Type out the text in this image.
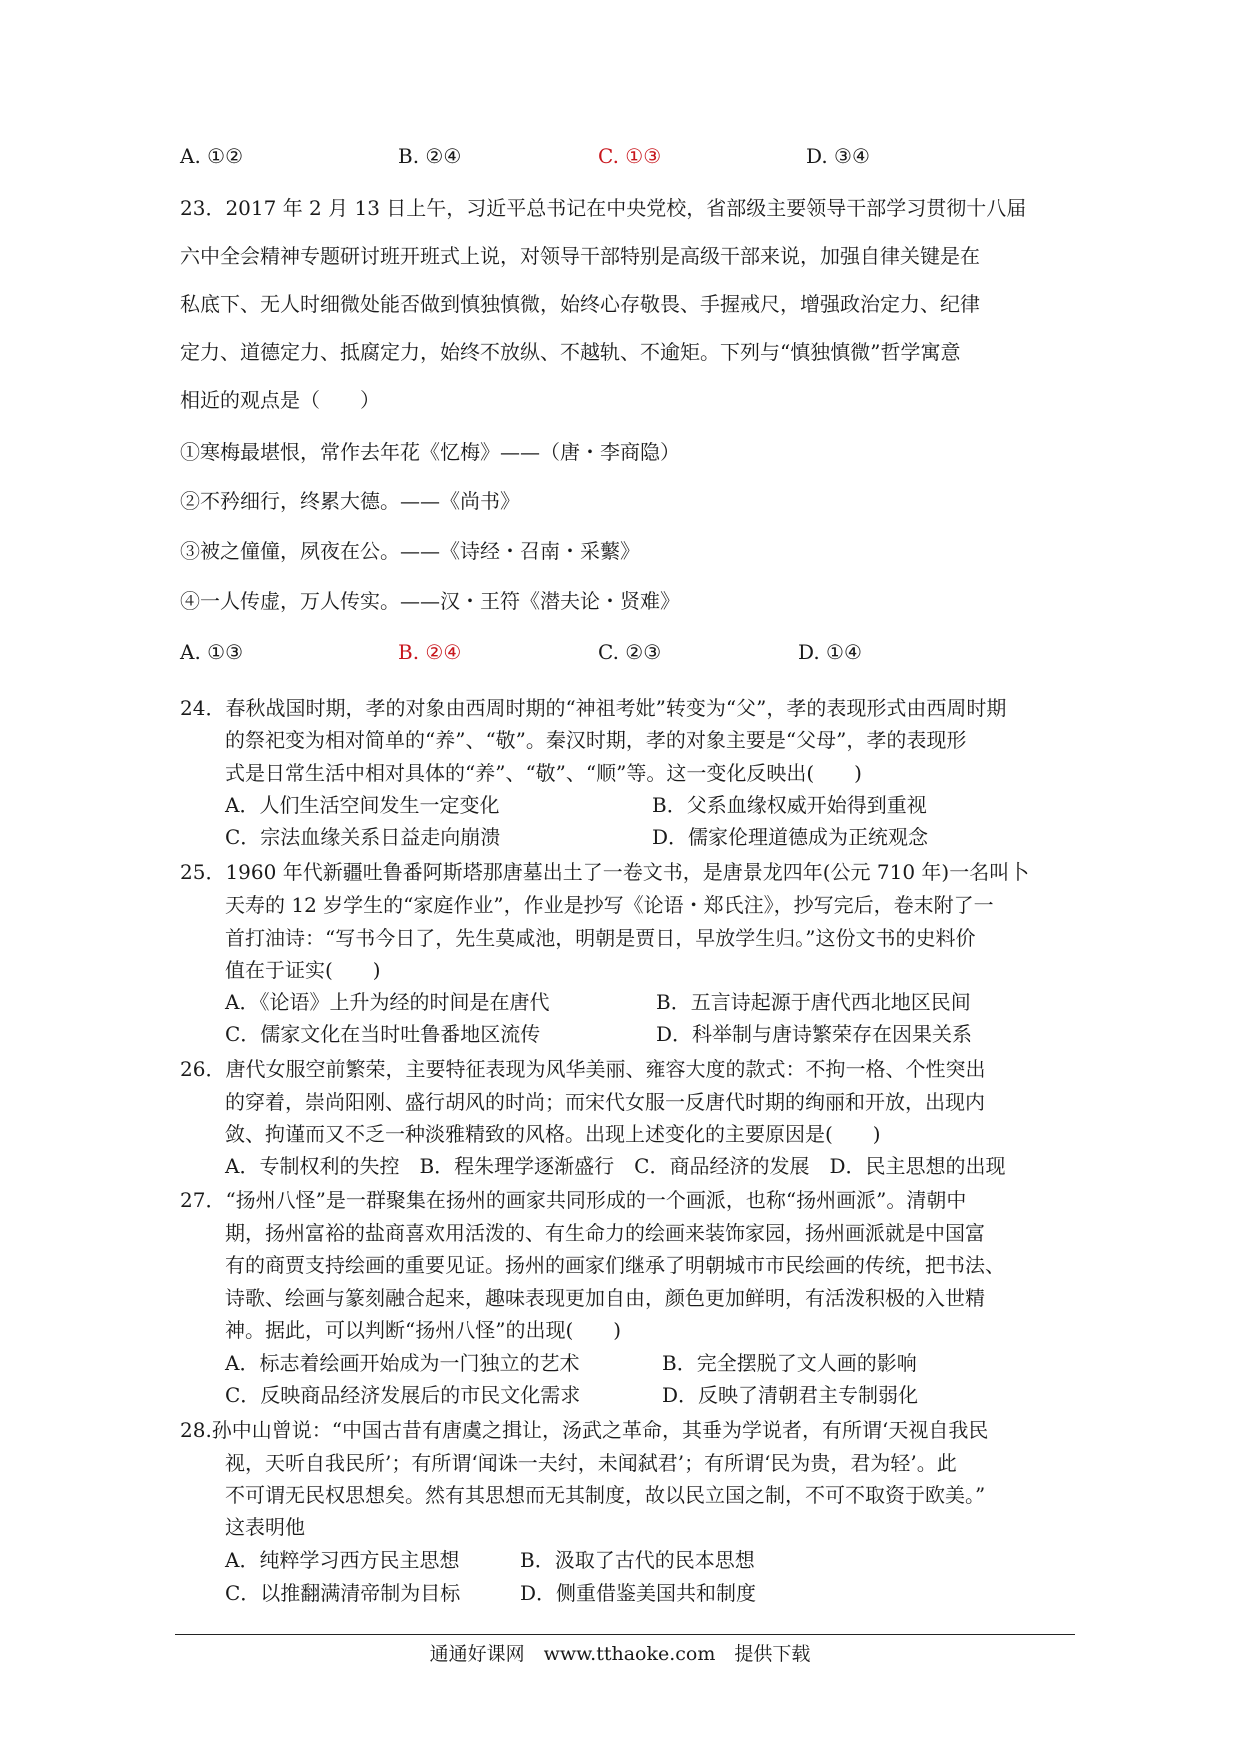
A. ①②	B. ②④	C. ①③	D. ③④
23．2017 年 2 月 13 日上午，习近平总书记在中央党校，省部级主要领导干部学习贯彻十八届
六中全会精神专题研讨班开班式上说，对领导干部特别是高级干部来说，加强自律关键是在
私底下、无人时细微处能否做到慎独慎微，始终心存敬畏、手握戒尺，增强政治定力、纪律
定力、道德定力、抵腐定力，始终不放纵、不越轨、不逾矩。下列与“慎独慎微”哲学寓意
相近的观点是（　　）
①寒梅最堪恨，常作去年花《忆梅》——（唐・李商隐）
②不矜细行，终累大德。——《尚书》
③被之僮僮，夙夜在公。——《诗经・召南・采蘩》
④一人传虚，万人传实。——汉・王符《潜夫论・贤难》
A. ①③	B. ②④	C. ②③	D. ①④
24．春秋战国时期，孝的对象由西周时期的“神祖考妣”转变为“父”，孝的表现形式由西周时期
的祭祀变为相对简单的“养”、“敬”。秦汉时期，孝的对象主要是“父母”，孝的表现形
式是日常生活中相对具体的“养”、“敬”、“顺”等。这一变化反映出(　　)
A．人们生活空间发生一定变化	B．父系血缘权威开始得到重视
C．宗法血缘关系日益走向崩溃	D．儒家伦理道德成为正统观念
25．1960 年代新疆吐鲁番阿斯塔那唐墓出土了一卷文书，是唐景龙四年(公元 710 年)一名叫卜
天寿的 12 岁学生的“家庭作业”，作业是抄写《论语・郑氏注》，抄写完后，卷末附了一
首打油诗：“写书今日了，先生莫咸池，明朝是贾日，早放学生归。”这份文书的史料价
值在于证实(　　)
A．《论语》上升为经的时间是在唐代	B．五言诗起源于唐代西北地区民间
C．儒家文化在当时吐鲁番地区流传	D．科举制与唐诗繁荣存在因果关系
26．唐代女服空前繁荣，主要特征表现为风华美丽、雍容大度的款式：不拘一格、个性突出
的穿着，崇尚阳刚、盛行胡风的时尚；而宋代女服一反唐代时期的绚丽和开放，出现内
敛、拘谨而又不乏一种淡雅精致的风格。出现上述变化的主要原因是(　　)
A．专制权利的失控　B．程朱理学逐渐盛行　C．商品经济的发展　D．民主思想的出现
27．“扬州八怪”是一群聚集在扬州的画家共同形成的一个画派，也称“扬州画派”。清朝中
期，扬州富裕的盐商喜欢用活泼的、有生命力的绘画来装饰家园，扬州画派就是中国富
有的商贾支持绘画的重要见证。扬州的画家们继承了明朝城市市民绘画的传统，把书法、
诗歌、绘画与篆刻融合起来，趣味表现更加自由，颜色更加鲜明，有活泼积极的入世精
神。据此，可以判断“扬州八怪”的出现(　　)
A．标志着绘画开始成为一门独立的艺术	B．完全摆脱了文人画的影响
C．反映商品经济发展后的市民文化需求	D．反映了清朝君主专制弱化
28.孙中山曾说：“中国古昔有唐虞之揖让，汤武之革命，其垂为学说者，有所谓‘天视自我民
视，天听自我民所’；有所谓‘闻诛一夫纣，未闻弑君’；有所谓‘民为贵，君为轻’。此
不可谓无民权思想矣。然有其思想而无其制度，故以民立国之制，不可不取资于欧美。”
这表明他
A．纯粹学习西方民主思想	B．汲取了古代的民本思想
C．以推翻满清帝制为目标	D．侧重借鉴美国共和制度
通通好课网　www.tthaoke.com　提供下载
